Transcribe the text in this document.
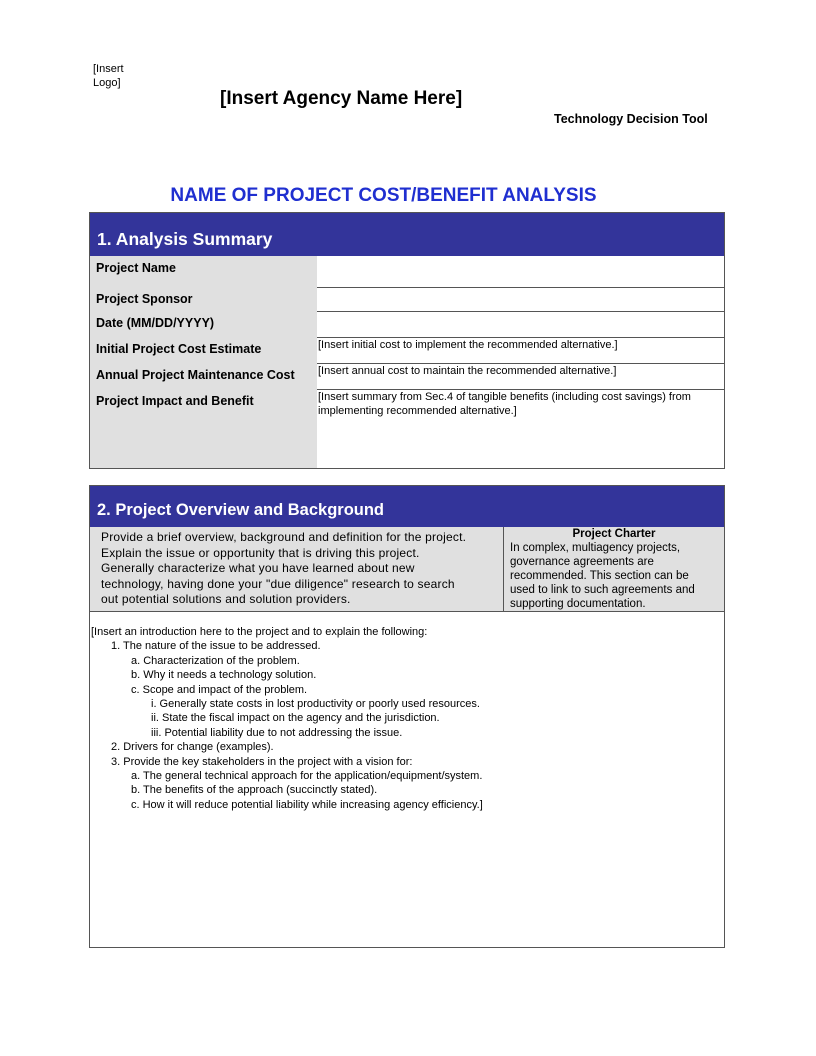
[Insert Logo]
[Insert Agency Name Here]
Technology Decision Tool
NAME OF PROJECT COST/BENEFIT ANALYSIS
1. Analysis Summary
Project Name
Project Sponsor
Date (MM/DD/YYYY)
Initial Project Cost Estimate	[Insert initial cost to implement the recommended alternative.]
Annual Project Maintenance Cost	[Insert annual cost to maintain the recommended alternative.]
Project Impact and Benefit	[Insert summary from Sec.4 of tangible benefits (including cost savings) from implementing recommended alternative.]
2. Project Overview and Background
Provide a brief overview, background and definition for the project.
Explain the issue or opportunity that is driving this project.
Generally characterize what you have learned about new
technology, having done your "due diligence" research to search
out potential solutions and solution providers.
Project Charter
In complex, multiagency projects,
governance agreements are
recommended. This section can be
used to link to such agreements and
supporting documentation.
[Insert an introduction here to the project and to explain the following:
1. The nature of the issue to be addressed.
a. Characterization of the problem.
b. Why it needs a technology solution.
c. Scope and impact of the problem.
i. Generally state costs in lost productivity or poorly used resources.
ii. State the fiscal impact on the agency and the jurisdiction.
iii. Potential liability due to not addressing the issue.
2. Drivers for change (examples).
3. Provide the key stakeholders in the project with a vision for:
a. The general technical approach for the application/equipment/system.
b. The benefits of the approach (succinctly stated).
c. How it will reduce potential liability while increasing agency efficiency.]
